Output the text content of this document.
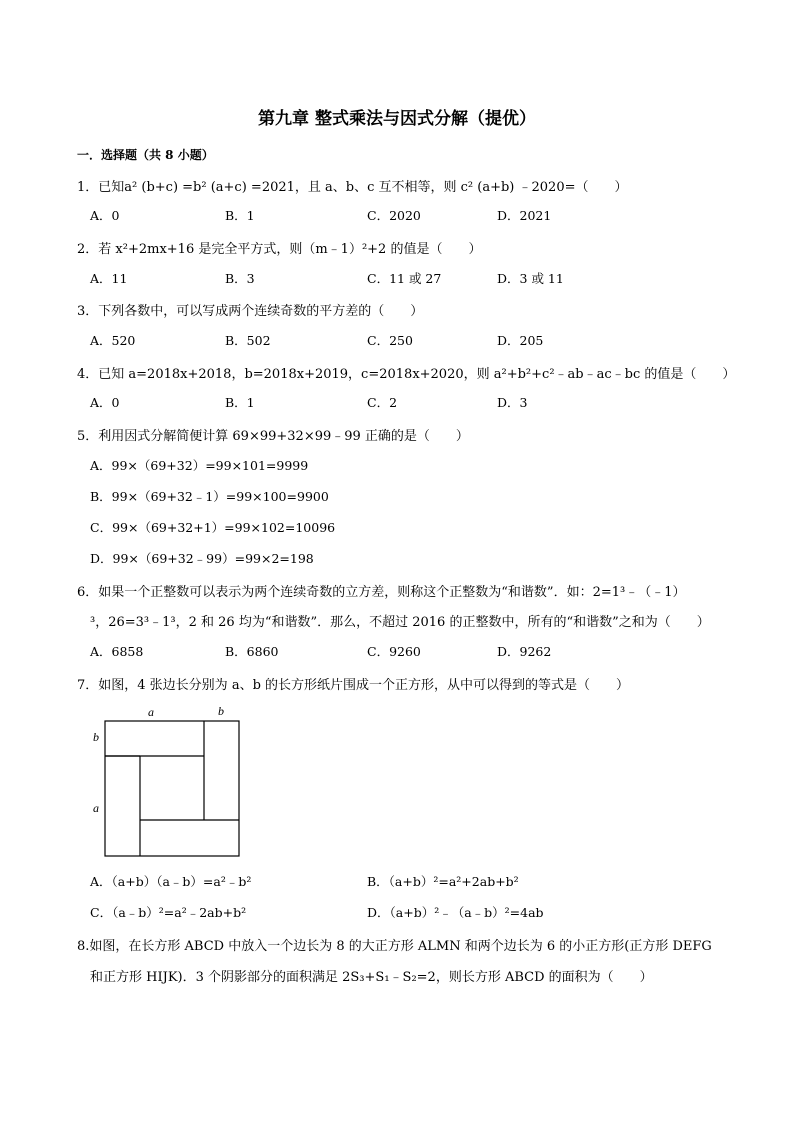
第九章 整式乘法与因式分解（提优）
一．选择题（共 8 小题）
1．已知a² (b+c) =b² (a+c) =2021，且 a、b、c 互不相等，则 c² (a+b) ﹣2020=（　　）
A．0	B．1	C．2020	D．2021
2．若 x²+2mx+16 是完全平方式，则（m﹣1）²+2 的值是（　　）
A．11	B．3	C．11 或 27	D．3 或 11
3．下列各数中，可以写成两个连续奇数的平方差的（　　）
A．520	B．502	C．250	D．205
4．已知 a=2018x+2018，b=2018x+2019，c=2018x+2020，则 a²+b²+c²﹣ab﹣ac﹣bc 的值是（　　）
A．0	B．1	C．2	D．3
5．利用因式分解简便计算 69×99+32×99﹣99 正确的是（　　）
A．99×（69+32）=99×101=9999
B．99×（69+32﹣1）=99×100=9900
C．99×（69+32+1）=99×102=10096
D．99×（69+32﹣99）=99×2=198
6．如果一个正整数可以表示为两个连续奇数的立方差，则称这个正整数为“和谐数”．如：2=1³﹣（﹣1）
³，26=3³﹣1³，2 和 26 均为“和谐数”．那么，不超过 2016 的正整数中，所有的“和谐数”之和为（　　）
A．6858	B．6860	C．9260	D．9262
7．如图，4 张边长分别为 a、b 的长方形纸片围成一个正方形，从中可以得到的等式是（　　）
a	b
b
a
A．（a+b）（a﹣b）=a²﹣b²	B．（a+b）²=a²+2ab+b²
C．（a﹣b）²=a²﹣2ab+b²	D．（a+b）²﹣（a﹣b）²=4ab
8.如图，在长方形 ABCD 中放入一个边长为 8 的大正方形 ALMN 和两个边长为 6 的小正方形(正方形 DEFG
和正方形 HIJK)．3 个阴影部分的面积满足 2S₃+S₁﹣S₂=2，则长方形 ABCD 的面积为（　　）
